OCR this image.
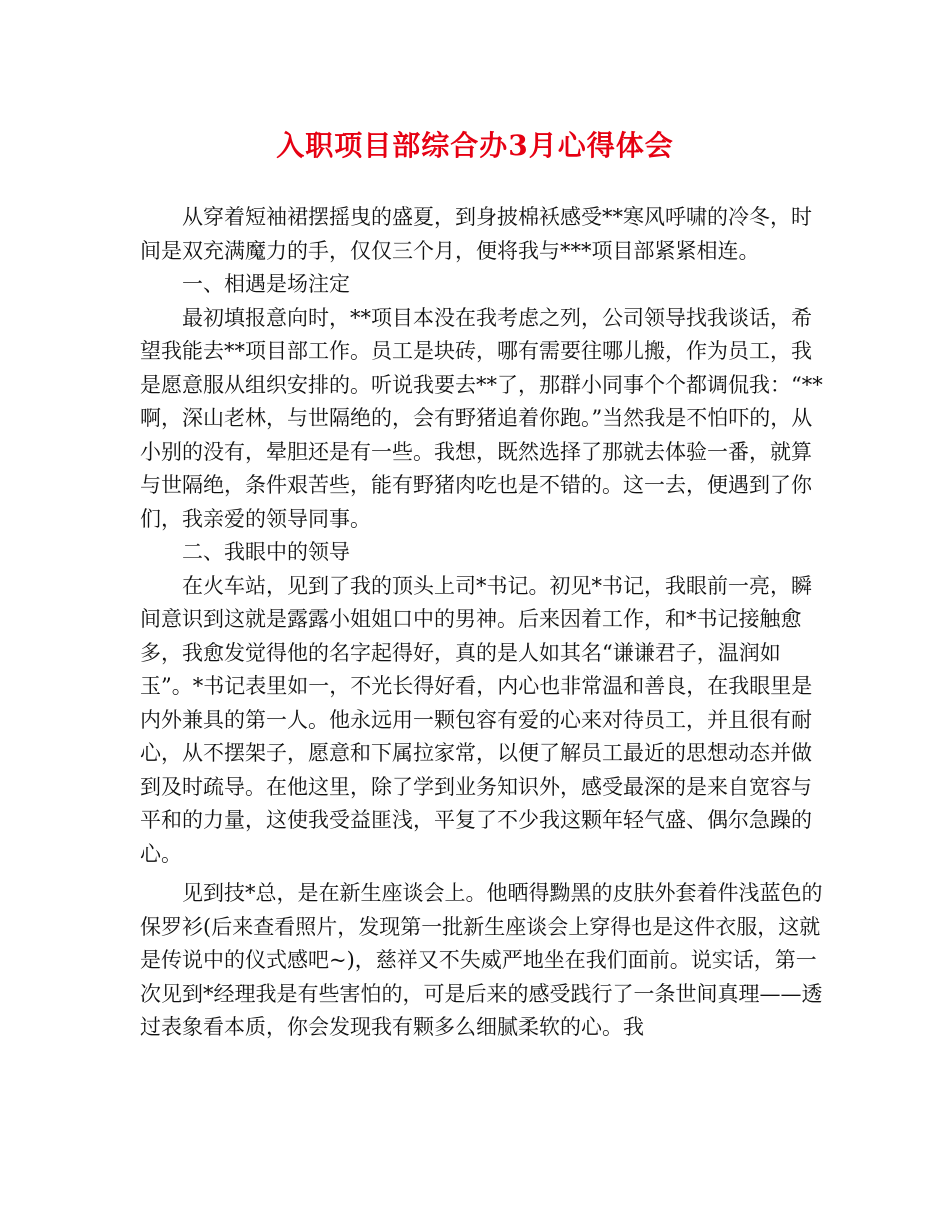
入职项目部综合办3月心得体会

从穿着短袖裙摆摇曳的盛夏，到身披棉袄感受**寒风呼啸的冷冬，时间是双充满魔力的手，仅仅三个月，便将我与***项目部紧紧相连。

一、相遇是场注定

最初填报意向时，**项目本没在我考虑之列，公司领导找我谈话，希望我能去**项目部工作。员工是块砖，哪有需要往哪儿搬，作为员工，我是愿意服从组织安排的。听说我要去**了，那群小同事个个都调侃我：“**啊，深山老林，与世隔绝的，会有野猪追着你跑。”当然我是不怕吓的，从小别的没有，晕胆还是有一些。我想，既然选择了那就去体验一番，就算与世隔绝，条件艰苦些，能有野猪肉吃也是不错的。这一去，便遇到了你们，我亲爱的领导同事。

二、我眼中的领导

在火车站，见到了我的顶头上司*书记。初见*书记，我眼前一亮，瞬间意识到这就是露露小姐姐口中的男神。后来因着工作，和*书记接触愈多，我愈发觉得他的名字起得好，真的是人如其名“谦谦君子，温润如玉”。*书记表里如一，不光长得好看，内心也非常温和善良，在我眼里是内外兼具的第一人。他永远用一颗包容有爱的心来对待员工，并且很有耐心，从不摆架子，愿意和下属拉家常，以便了解员工最近的思想动态并做到及时疏导。在他这里，除了学到业务知识外，感受最深的是来自宽容与平和的力量，这使我受益匪浅，平复了不少我这颗年轻气盛、偶尔急躁的心。

见到技*总，是在新生座谈会上。他晒得黝黑的皮肤外套着件浅蓝色的保罗衫(后来查看照片，发现第一批新生座谈会上穿得也是这件衣服，这就是传说中的仪式感吧~)，慈祥又不失威严地坐在我们面前。说实话，第一次见到*经理我是有些害怕的，可是后来的感受践行了一条世间真理——透过表象看本质，你会发现我有颗多么细腻柔软的心。我
